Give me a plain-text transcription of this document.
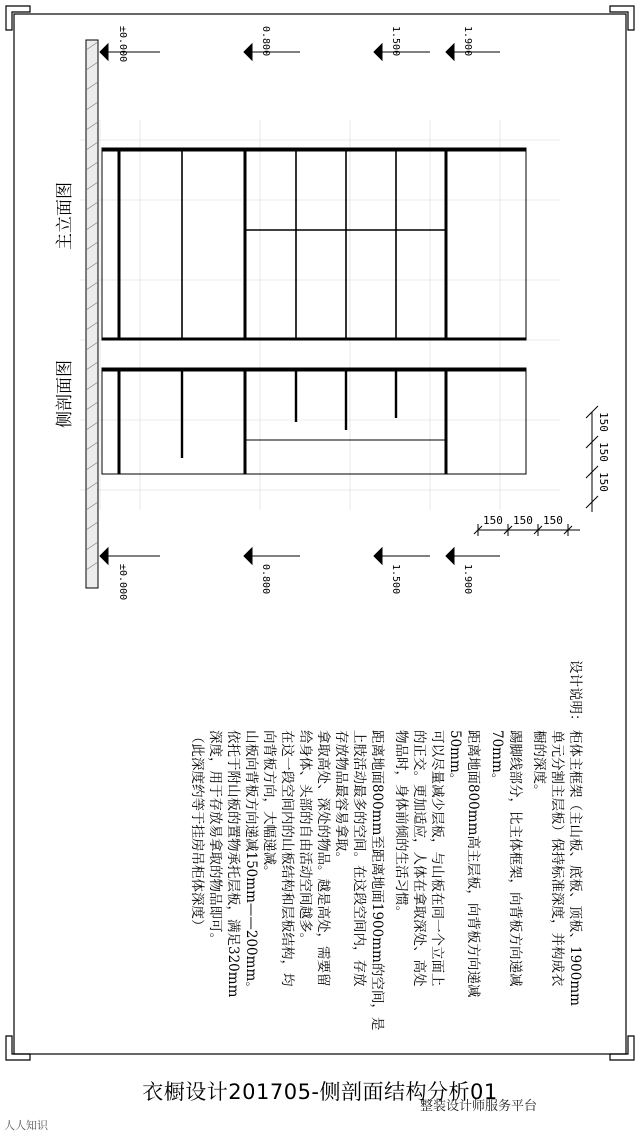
主立面图
侧剖面图
±0.000	0.800	1.500	1.900
±0.000	0.800	1.500	1.900
150
150
150
150 150 150
设计说明：
柜体主框架（主山板、底板、顶板、1900mm
单元分割主层板）保持标准深度，并构成衣
橱的深度。
踢脚线部分，比主体框架，向背板方向递减
70mm。
距离地面800mm高主层板，向背板方向递减
50mm。
可以尽量减少层板，与山板在同一个立面上
的正交。更加适应，人体在拿取深处、高处
物品时，身体前倾的生活习惯。
距离地面800mm至距离地面1900mm的空间，是
上肢活动最多的空间。在这段空间内，存放
存放物品最容易拿取。
拿取高处、深处的物品。越是高处，需要留
给身体、头部的自由活动空间越多。
在这一段空间内的山板结构和层板结构，均
向背板方向，大幅递减。
山板向背板方向递减150mm——200mm。
依托于附山板的置物承托层板，满足320mm
深度，用于存放易拿取的物品即可。
（此深度约等于挂房吊柜体深度）
衣橱设计201705-侧剖面结构分析01
整装设计师服务平台
人人知识
